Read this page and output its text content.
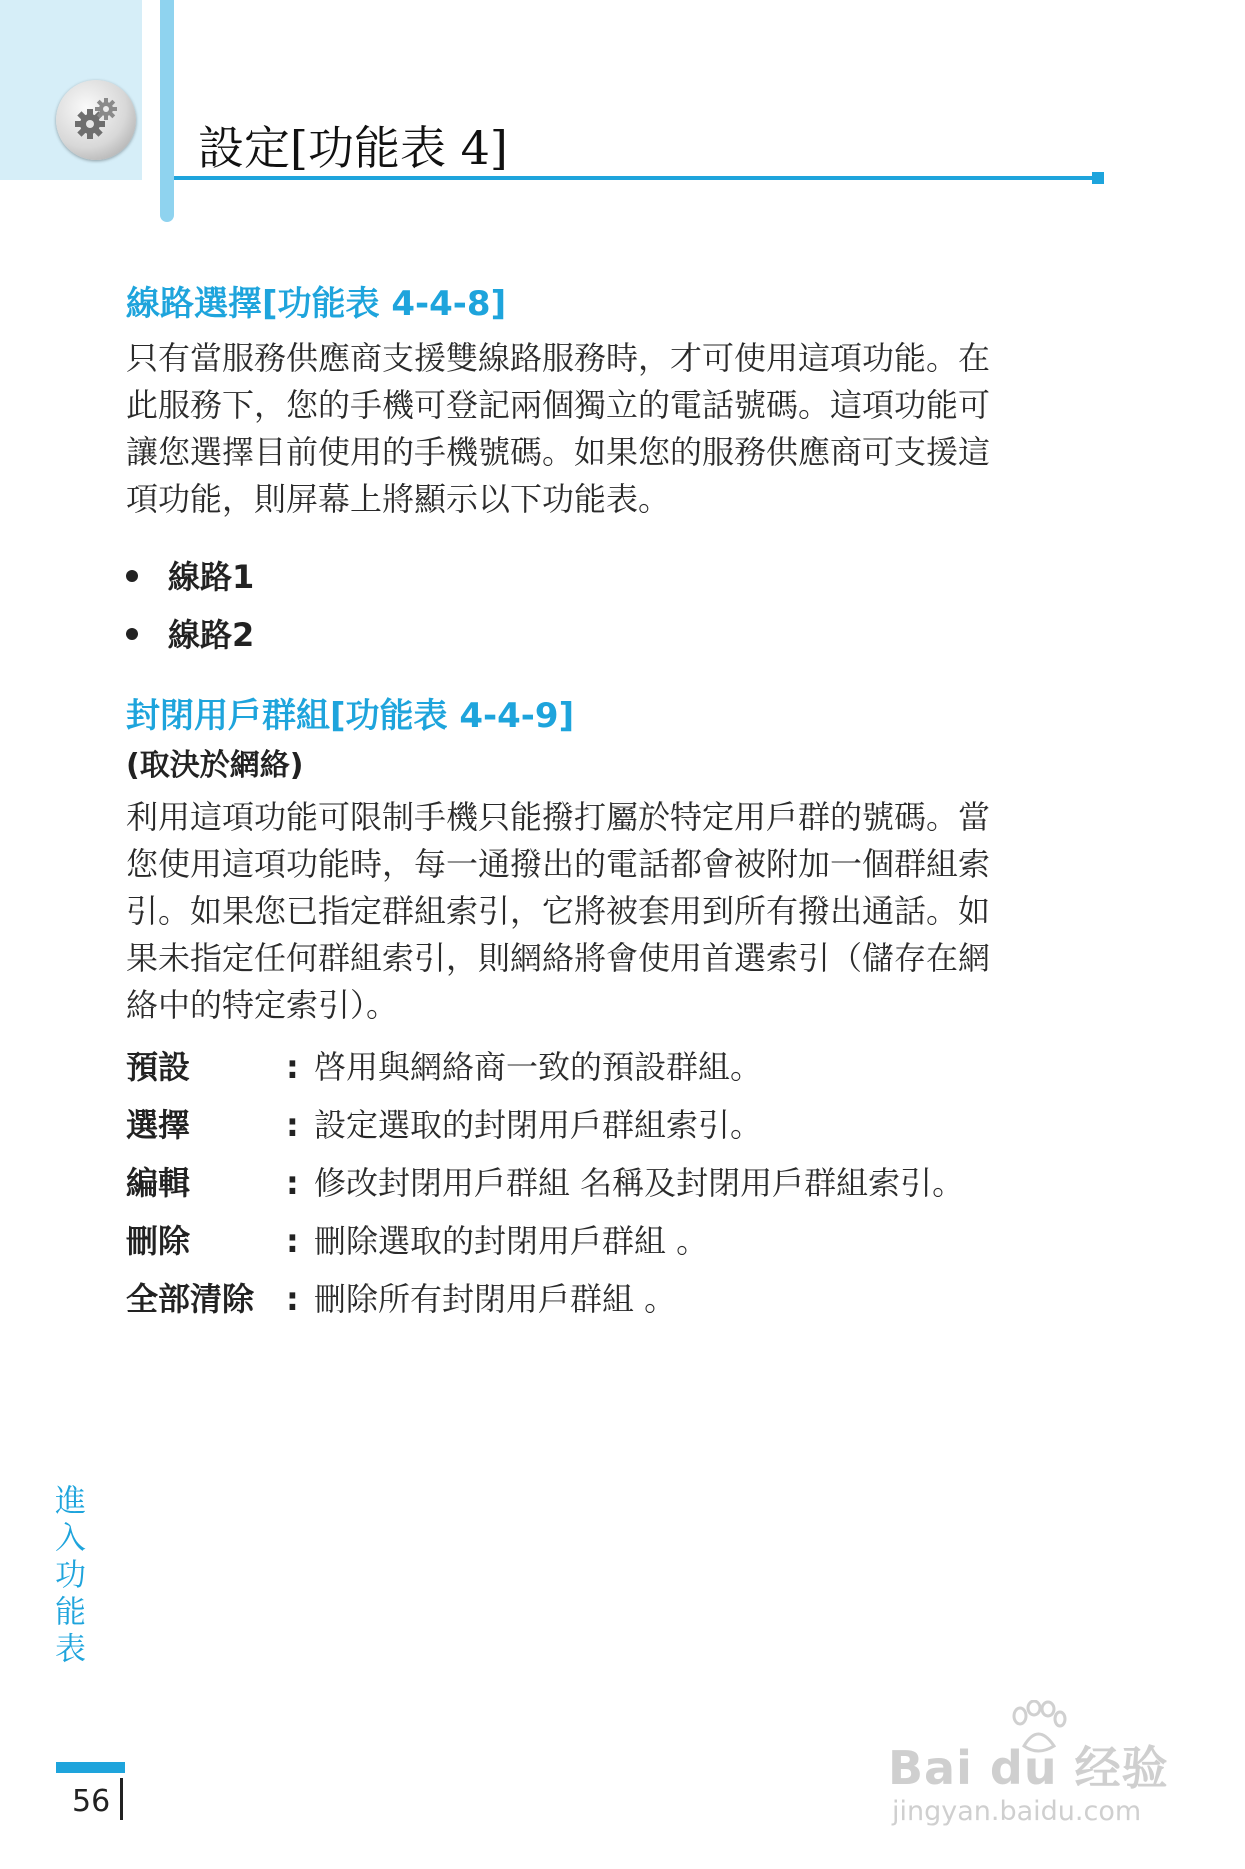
設定[功能表 4]
線路選擇[功能表 4-4-8]
只有當服務供應商支援雙線路服務時，才可使用這項功能。在
此服務下，您的手機可登記兩個獨立的電話號碼。這項功能可
讓您選擇目前使用的手機號碼。如果您的服務供應商可支援這
項功能，則屏幕上將顯示以下功能表。
線路1
線路2
封閉用戶群組[功能表 4-4-9]
(取決於網絡)
利用這項功能可限制手機只能撥打屬於特定用戶群的號碼。當
您使用這項功能時，每一通撥出的電話都會被附加一個群組索
引。如果您已指定群組索引，它將被套用到所有撥出通話。如
果未指定任何群組索引，則網絡將會使用首選索引（儲存在網
絡中的特定索引）。
預設	: 啓用與網絡商一致的預設群組。
選擇	: 設定選取的封閉用戶群組索引。
編輯	: 修改封閉用戶群組 名稱及封閉用戶群組索引。
刪除	: 刪除選取的封閉用戶群組 。
全部清除 : 刪除所有封閉用戶群組 。
進入功能表
56
Bai du 经验
jingyan.baidu.com
